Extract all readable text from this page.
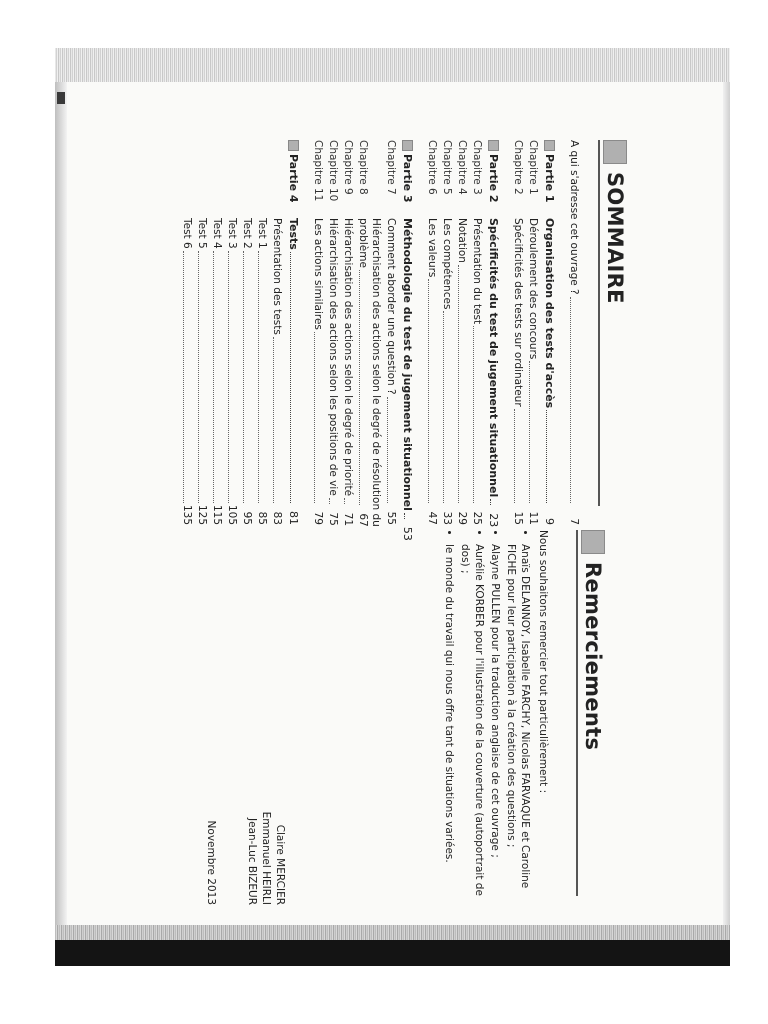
SOMMAIRE
A qui s'adresse cet ouvrage ?
7
Partie 1
Organisation des tests d'accès
9
Chapitre 1
Déroulement des concours
11
Chapitre 2
Spécificités des tests sur ordinateur
15
Partie 2
Spécificités du test de jugement situationnel
23
Chapitre 3
Présentation du test
25
Chapitre 4
Notation
29
Chapitre 5
Les compétences
33
Chapitre 6
Les valeurs
47
Partie 3
Méthodologie du test de jugement situationnel
53
Chapitre 7
Comment aborder une question ?
55
Chapitre 8
Hiérarchisation des actions selon le degré de résolution du
problème
67
Chapitre 9
Hiérarchisation des actions selon le degré de priorité
71
Chapitre 10
Hiérarchisation des actions selon les positions de vie
75
Chapitre 11
Les actions similaires
79
Partie 4
Tests
81
Présentation des tests
83
Test 1
85
Test 2
95
Test 3
105
Test 4
115
Test 5
125
Test 6
135
Remerciements

Nous souhaitons remercier tout particulièrement :

• Anaïs DELANNOY, Isabelle FARCHY, Nicolas FARVAQUE et Caroline FICHE pour leur participation à la création des questions ;
• Alayne PULLEN pour la traduction anglaise de cet ouvrage ;
• Aurélie KORBER pour l'illustration de la couverture (autoportrait de dos) ;
• le monde du travail qui nous offre tant de situations variées.
Claire MERCIER
Emmanuel HEIRLI
Jean-Luc BIZEUR
Novembre 2013
